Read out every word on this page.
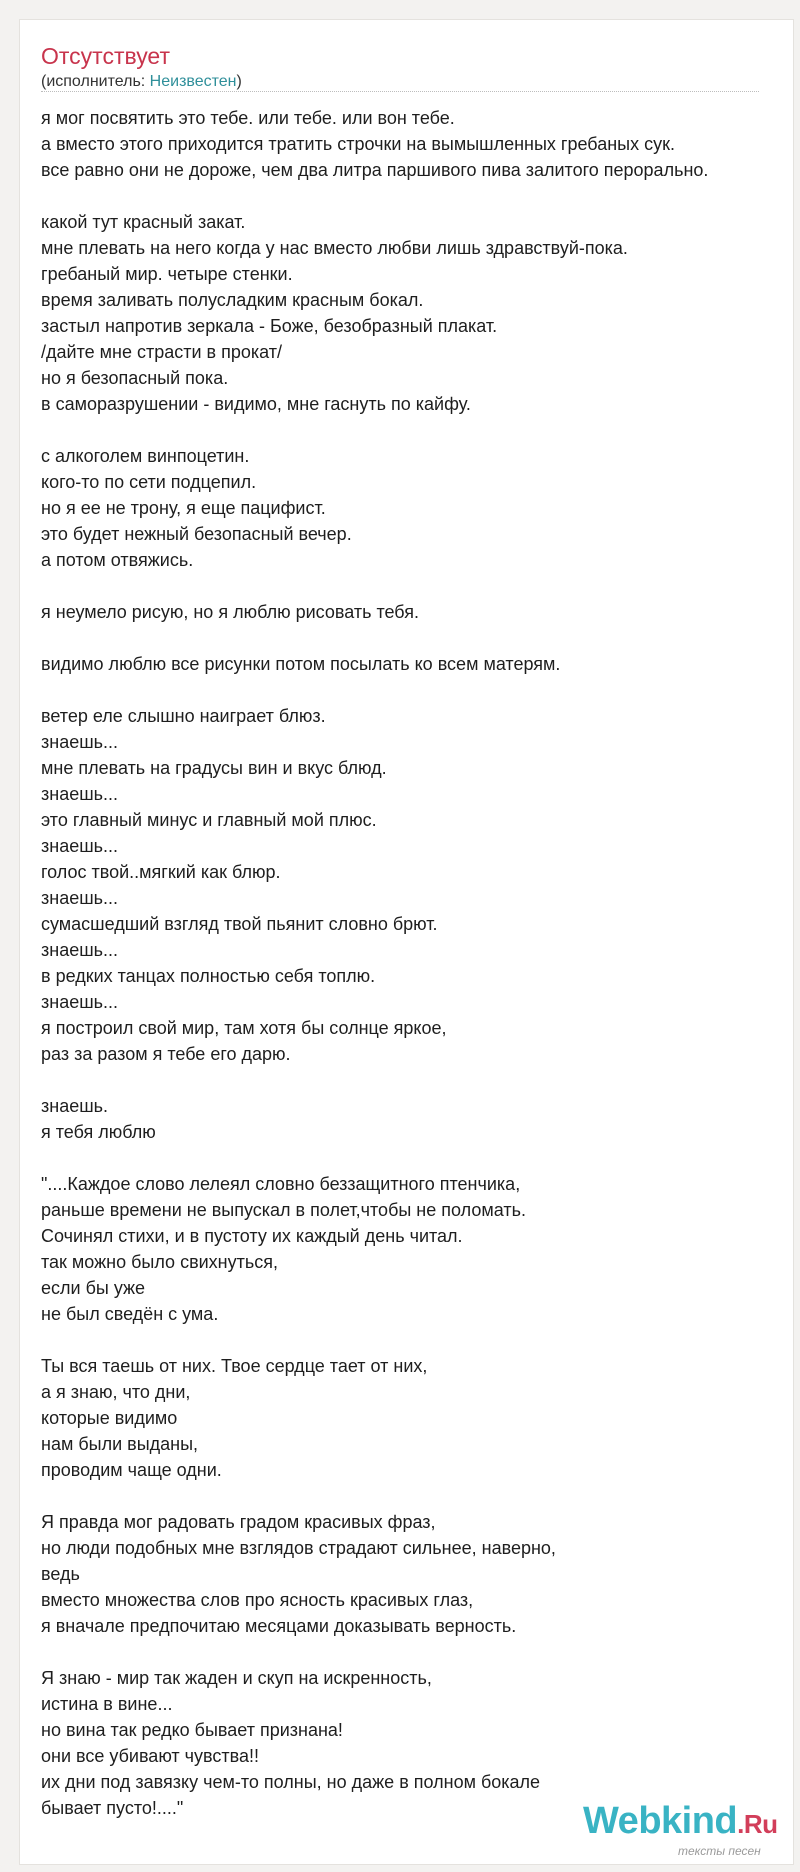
Отсутствует
(исполнитель: Неизвестен)
я мог посвятить это тебе. или тебе. или вон тебе.
а вместо этого приходится тратить строчки на вымышленных гребаных сук.
все равно они не дороже, чем два литра паршивого пива залитого перорально.
какой тут красный закат.
мне плевать на него когда у нас вместо любви лишь здравствуй-пока.
гребаный мир. четыре стенки.
время заливать полусладким красным бокал.
застыл напротив зеркала - Боже, безобразный плакат.
/дайте мне страсти в прокат/
но я безопасный пока.
в саморазрушении - видимо, мне гаснуть по кайфу.
с алкоголем винпоцетин.
кого-то по сети подцепил.
но я ее не трону, я еще пацифист.
это будет нежный безопасный вечер.
а потом отвяжись.
я неумело рисую, но я люблю рисовать тебя.
видимо люблю все рисунки потом посылать ко всем матерям.
ветер еле слышно наиграет блюз.
знаешь...
мне плевать на градусы вин и вкус блюд.
знаешь...
это главный минус и главный мой плюс.
знаешь...
голос твой..мягкий как блюр.
знаешь...
сумасшедший взгляд твой пьянит словно брют.
знаешь...
в редких танцах полностью себя топлю.
знаешь...
я построил свой мир, там хотя бы солнце яркое,
раз за разом я тебе его дарю.
знаешь.
я тебя люблю
"....Каждое слово лелеял словно беззащитного птенчика,
раньше времени не выпускал в полет,чтобы не поломать.
Сочинял стихи, и в пустоту их каждый день читал.
так можно было свихнуться,
если бы уже
не был сведён с ума.
Ты вся таешь от них. Твое сердце тает от них,
а я знаю, что дни,
которые видимо
нам были выданы,
проводим чаще одни.
Я правда мог радовать градом красивых фраз,
но люди подобных мне взглядов страдают сильнее, наверно,
ведь
вместо множества слов про ясность красивых глаз,
я вначале предпочитаю месяцами доказывать верность.
Я знаю - мир так жаден и скуп на искренность,
истина в вине...
но вина так редко бывает признана!
они все убивают чувства!!
их дни под завязку чем-то полны, но даже в полном бокале
бывает пусто!...."	Webkind.Ru
тексты песен
